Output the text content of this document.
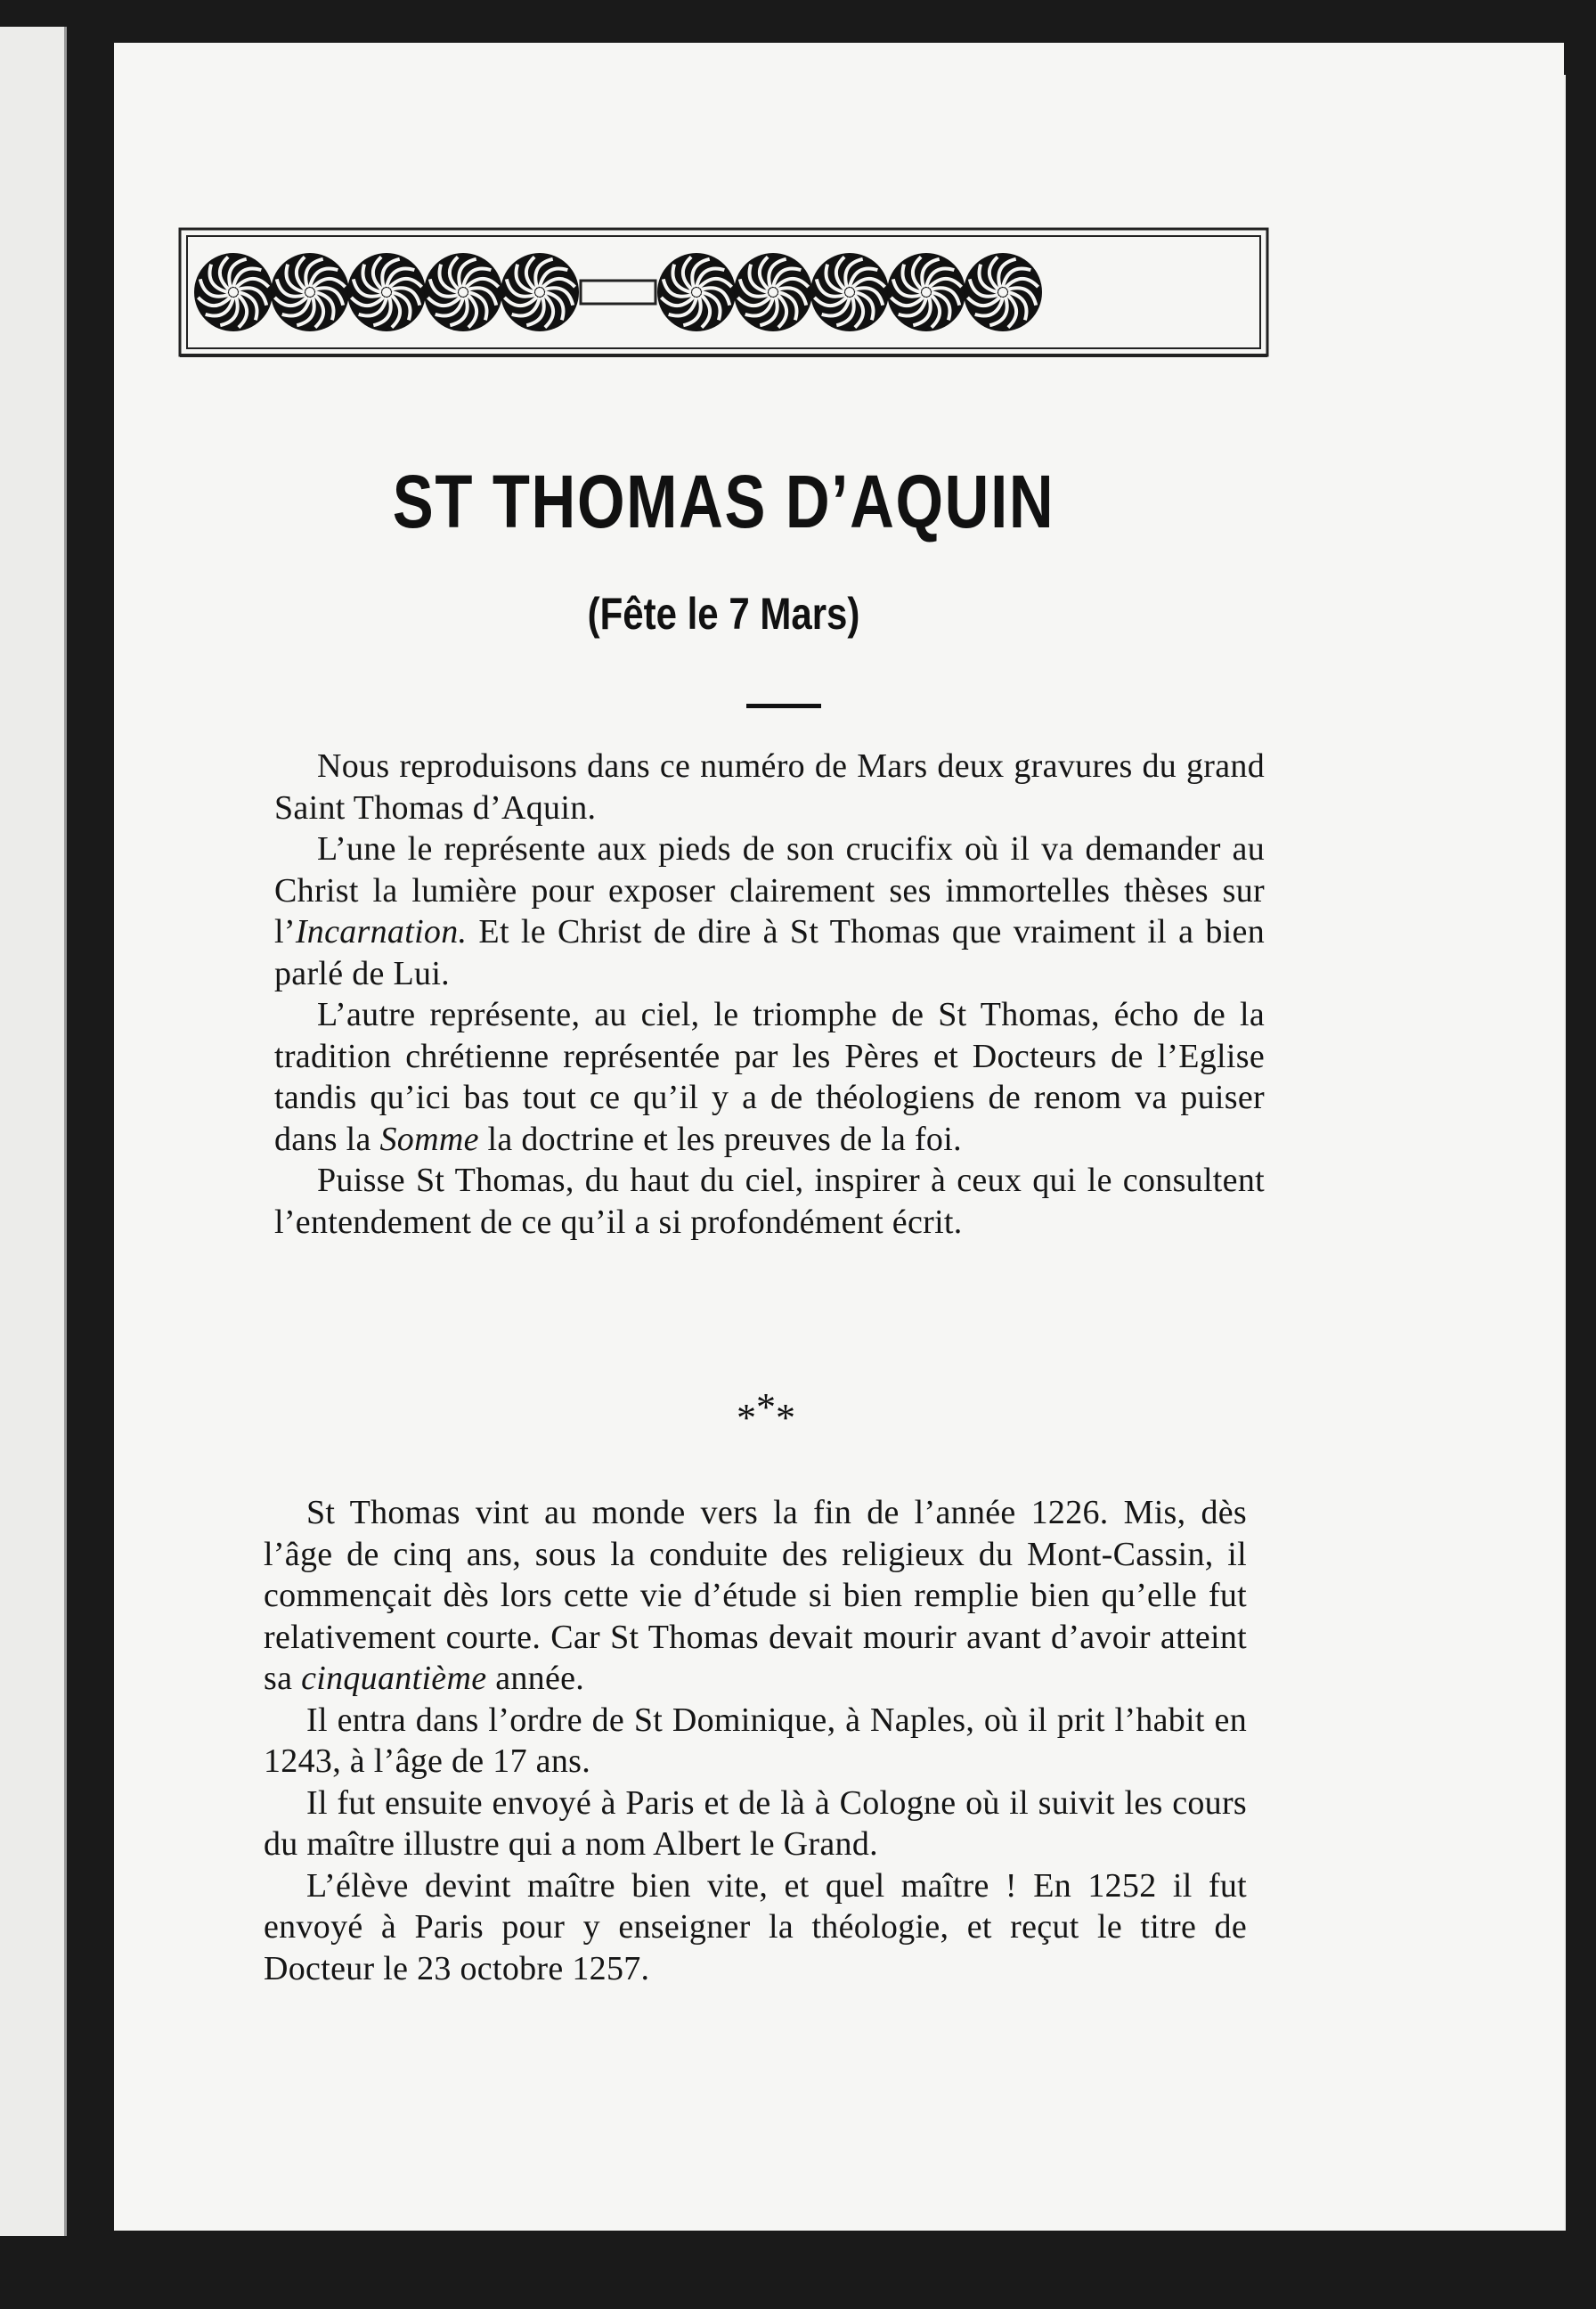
ST THOMAS D’AQUIN
(Fête le 7 Mars)

Nous reproduisons dans ce numéro de Mars deux gravures du grand Saint Thomas d’Aquin.

L’une le représente aux pieds de son crucifix où il va demander au Christ la lumière pour exposer clairement ses immortelles thèses sur l’Incarnation. Et le Christ de dire à St Thomas que vraiment il a bien parlé de Lui.

L’autre représente, au ciel, le triomphe de St Thomas, écho de la tradition chrétienne représentée par les Pères et Docteurs de l’Eglise tandis qu’ici bas tout ce qu’il y a de théologiens de renom va puiser dans la Somme la doctrine et les preuves de la foi.

Puisse St Thomas, du haut du ciel, inspirer à ceux qui le consultent l’entendement de ce qu’il a si profondément écrit.

***

St Thomas vint au monde vers la fin de l’année 1226. Mis, dès l’âge de cinq ans, sous la conduite des religieux du Mont-Cassin, il commençait dès lors cette vie d’étude si bien remplie bien qu’elle fut relativement courte. Car St Thomas devait mourir avant d’avoir atteint sa cinquantième année.

Il entra dans l’ordre de St Dominique, à Naples, où il prit l’habit en 1243, à l’âge de 17 ans.

Il fut ensuite envoyé à Paris et de là à Cologne où il suivit les cours du maître illustre qui a nom Albert le Grand.

L’élève devint maître bien vite, et quel maître ! En 1252 il fut envoyé à Paris pour y enseigner la théologie, et reçut le titre de Docteur le 23 octobre 1257.
